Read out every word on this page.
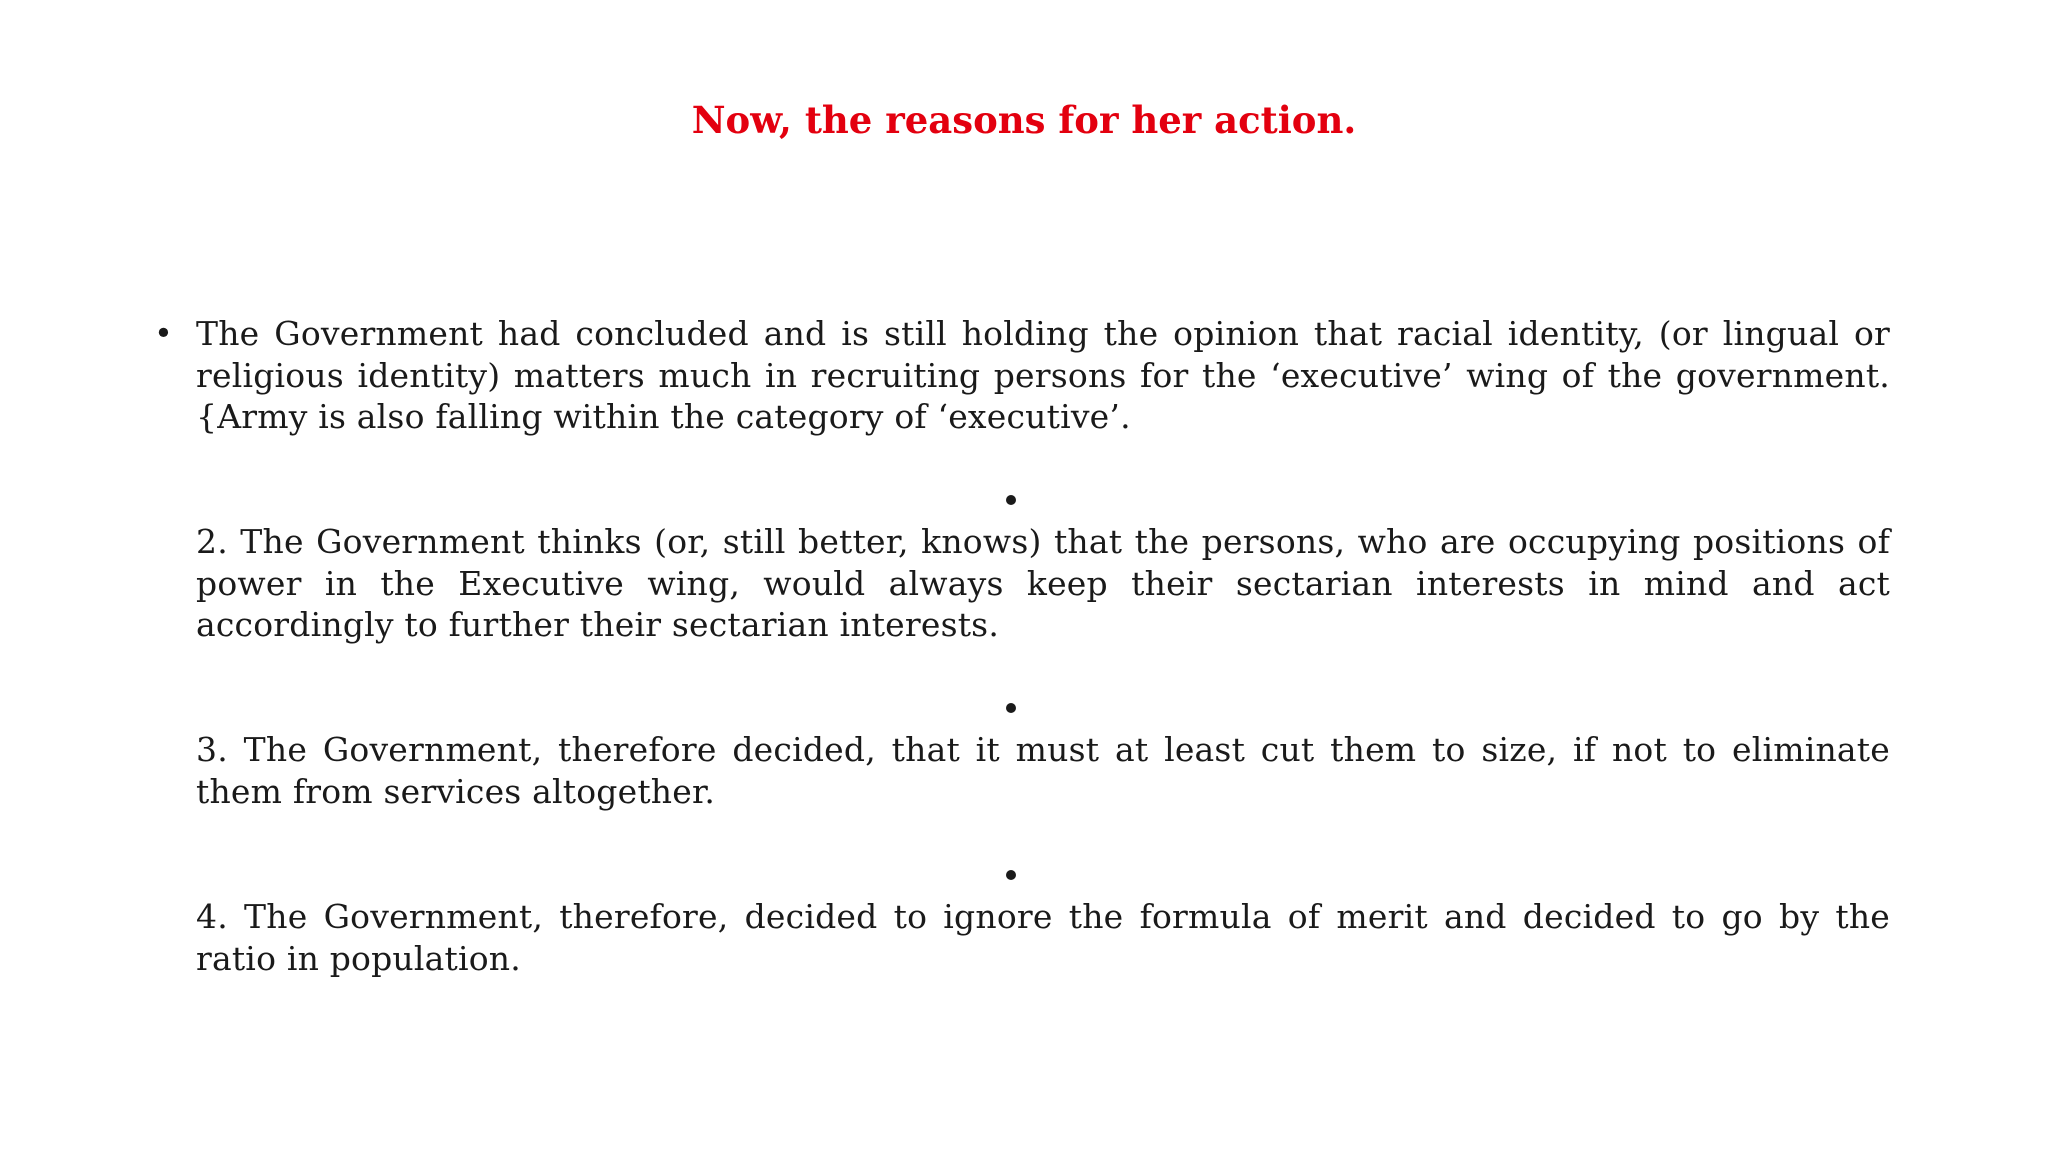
Now, the reasons for her action.
• The Government had concluded and is still holding the opinion that racial identity, (or lingual or religious identity) matters much in recruiting persons for the ‘executive’ wing of the government. {Army is also falling within the category of ‘executive’.
2. The Government thinks (or, still better, knows) that the persons, who are occupying positions of power in the Executive wing, would always keep their sectarian interests in mind and act accordingly to further their sectarian interests.
3. The Government, therefore decided, that it must at least cut them to size, if not to eliminate them from services altogether.
4. The Government, therefore, decided to ignore the formula of merit and decided to go by the ratio in population.
